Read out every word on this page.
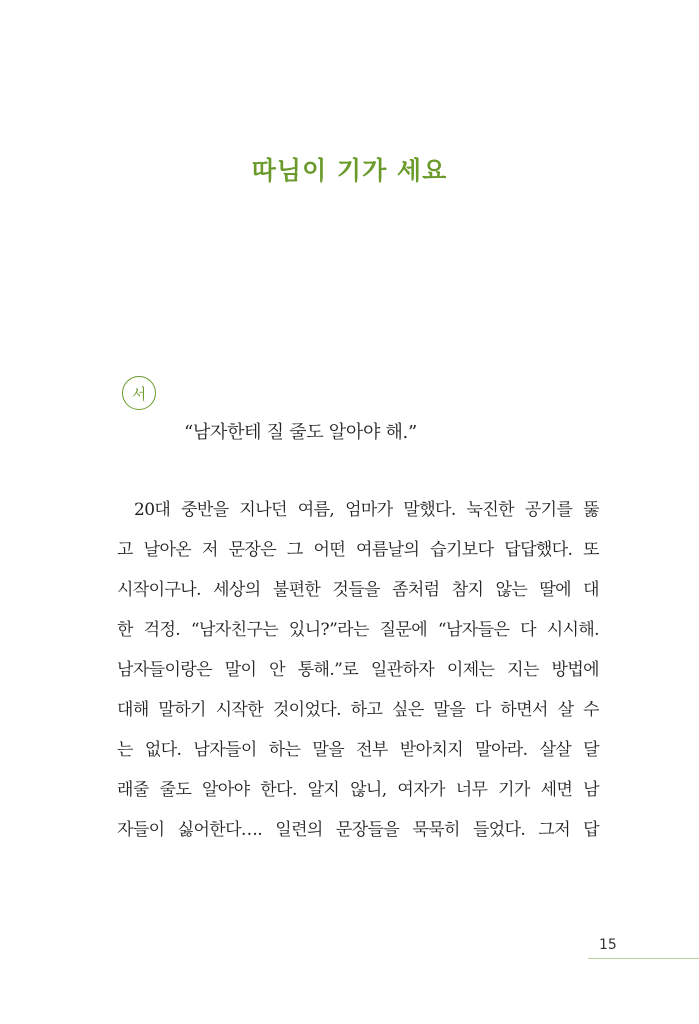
따님이 기가 세요
서
“남자한테 질 줄도 알아야 해.”
20대 중반을 지나던 여름, 엄마가 말했다. 눅진한 공기를 뚫
고 날아온 저 문장은 그 어떤 여름날의 습기보다 답답했다. 또
시작이구나. 세상의 불편한 것들을 좀처럼 참지 않는 딸에 대
한 걱정. “남자친구는 있니?”라는 질문에 “남자들은 다 시시해.
남자들이랑은 말이 안 통해.”로 일관하자 이제는 지는 방법에
대해 말하기 시작한 것이었다. 하고 싶은 말을 다 하면서 살 수
는 없다. 남자들이 하는 말을 전부 받아치지 말아라. 살살 달
래줄 줄도 알아야 한다. 알지 않니, 여자가 너무 기가 세면 남
자들이 싫어한다…. 일련의 문장들을 묵묵히 들었다. 그저 답
15
